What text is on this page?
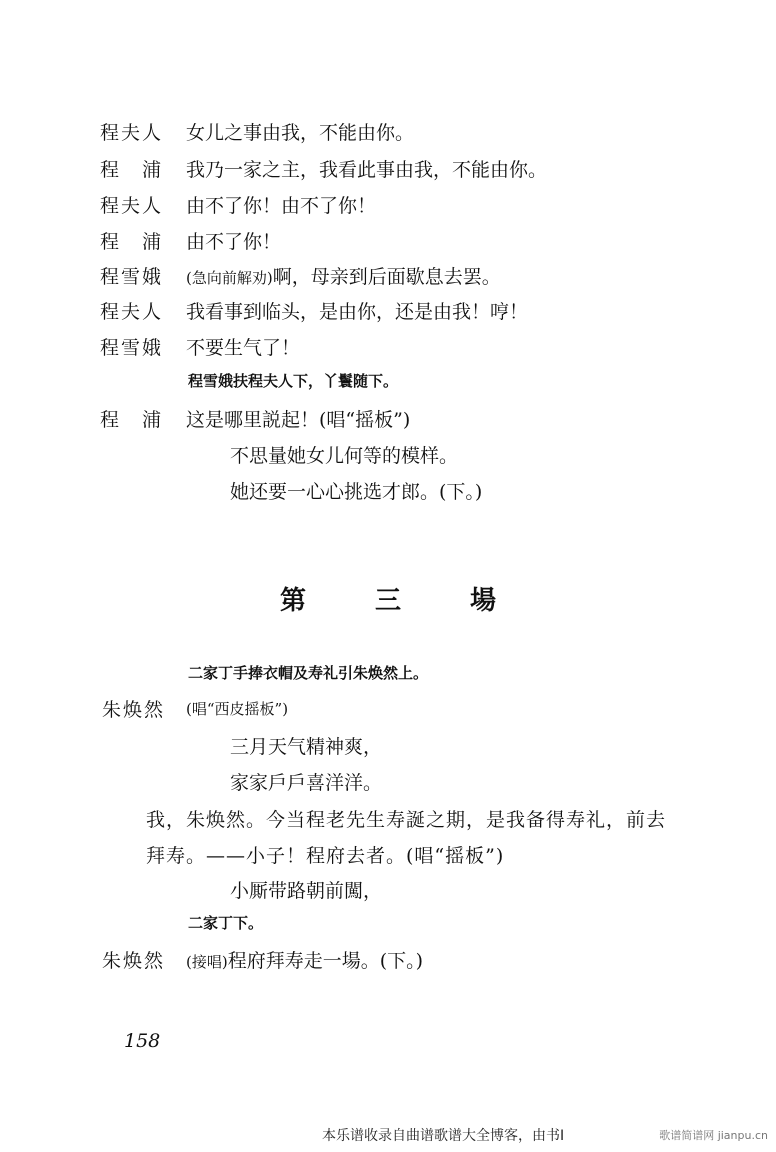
程夫人 女儿之事由我，不能由你。
程　浦 我乃一家之主，我看此事由我，不能由你。
程夫人 由不了你！由不了你！
程　浦 由不了你！
程雪娥 (急向前解劝)啊，母亲到后面歇息去罢。
程夫人 我看事到临头，是由你，还是由我！哼！
程雪娥 不要生气了！
程雪娥扶程夫人下，丫鬟随下。
程　浦 这是哪里説起！(唱“摇板”)
不思量她女儿何等的模样。
她还要一心心挑选才郎。(下。)
第 三 場
二家丁手捧衣帽及寿礼引朱焕然上。
朱焕然 (唱“西皮摇板”)
三月天气精神爽，
家家戶戶喜洋洋。
我，朱焕然。今当程老先生寿誕之期，是我备得寿礼，前去
拜寿。——小子！程府去者。(唱“摇板”)
小厮带路朝前闖，
二家丁下。
朱焕然 (接唱)程府拜寿走一場。(下。)
158
本乐谱收录自曲谱歌谱大全博客，由书Ⅰ	歌谱简谱网 jianpu.cn
